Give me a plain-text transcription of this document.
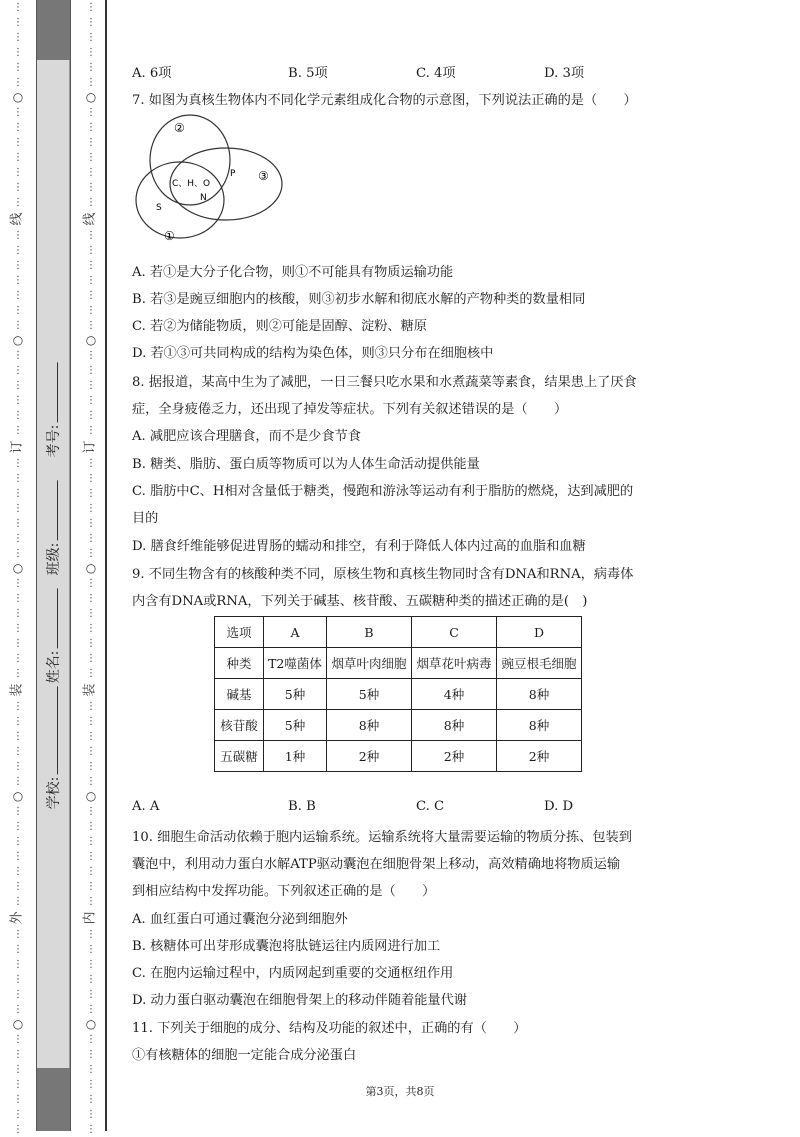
⋮
⋮
⋮
⋮
⋮
⋮
○
⋮
⋮
⋮
⋮
⋮
⋮
⋮
线
⋮
⋮
⋮
⋮
⋮
⋮
⋮
○
⋮
⋮
⋮
⋮
⋮
⋮
订
⋮
⋮
⋮
⋮
⋮
⋮
⋮
○
⋮
⋮
⋮
⋮
⋮
⋮
⋮
装
⋮
⋮
⋮
⋮
⋮
⋮
○
⋮
⋮
⋮
⋮
⋮
⋮
⋮
外
⋮
⋮
⋮
⋮
⋮
⋮
○
⋮
⋮
⋮
⋮
⋮
⋮
⋮
⋮
⋮
⋮
⋮
⋮
⋮
○
⋮
⋮
⋮
⋮
⋮
⋮
⋮
线
⋮
⋮
⋮
⋮
⋮
⋮
⋮
○
⋮
⋮
⋮
⋮
⋮
⋮
订
⋮
⋮
⋮
⋮
⋮
⋮
⋮
○
⋮
⋮
⋮
⋮
⋮
⋮
⋮
装
⋮
⋮
⋮
⋮
⋮
⋮
○
⋮
⋮
⋮
⋮
⋮
⋮
⋮
内
⋮
⋮
⋮
⋮
⋮
⋮
○
⋮
⋮
⋮
⋮
⋮
⋮
⋮
学校:
姓名:
班级:
考号:
A. 6项	B. 5项	C. 4项	D. 3项
7. 如图为真核生物体内不同化学元素组成化合物的示意图，下列说法正确的是（　　）
②
③
①
C、H、O
P
N
S
A. 若①是大分子化合物，则①不可能具有物质运输功能
B. 若③是豌豆细胞内的核酸，则③初步水解和彻底水解的产物种类的数量相同
C. 若②为储能物质，则②可能是固醇、淀粉、糖原
D. 若①③可共同构成的结构为染色体，则③只分布在细胞核中
8. 据报道，某高中生为了减肥，一日三餐只吃水果和水煮蔬菜等素食，结果患上了厌食
症，全身疲倦乏力，还出现了掉发等症状。下列有关叙述错误的是（　　）
A. 减肥应该合理膳食，而不是少食节食
B. 糖类、脂肪、蛋白质等物质可以为人体生命活动提供能量
C. 脂肪中C、H相对含量低于糖类，慢跑和游泳等运动有利于脂肪的燃烧，达到减肥的
目的
D. 膳食纤维能够促进胃肠的蠕动和排空，有利于降低人体内过高的血脂和血糖
9. 不同生物含有的核酸种类不同，原核生物和真核生物同时含有DNA和RNA，病毒体
内含有DNA或RNA，下列关于碱基、核苷酸、五碳糖种类的描述正确的是(　)
A. A	B. B	C. C	D. D
10. 细胞生命活动依赖于胞内运输系统。运输系统将大量需要运输的物质分拣、包装到
囊泡中，利用动力蛋白水解ATP驱动囊泡在细胞骨架上移动，高效精确地将物质运输
到相应结构中发挥功能。下列叙述正确的是（　　）
A. 血红蛋白可通过囊泡分泌到细胞外
B. 核糖体可出芽形成囊泡将肽链运往内质网进行加工
C. 在胞内运输过程中，内质网起到重要的交通枢纽作用
D. 动力蛋白驱动囊泡在细胞骨架上的移动伴随着能量代谢
11. 下列关于细胞的成分、结构及功能的叙述中，正确的有（　　）
①有核糖体的细胞一定能合成分泌蛋白
选项	A	B	C	D
种类	T2噬菌体	烟草叶肉细胞	烟草花叶病毒	豌豆根毛细胞
碱基	5种	5种	4种	8种
核苷酸	5种	8种	8种	8种
五碳糖	1种	2种	2种	2种
第3页，共8页
